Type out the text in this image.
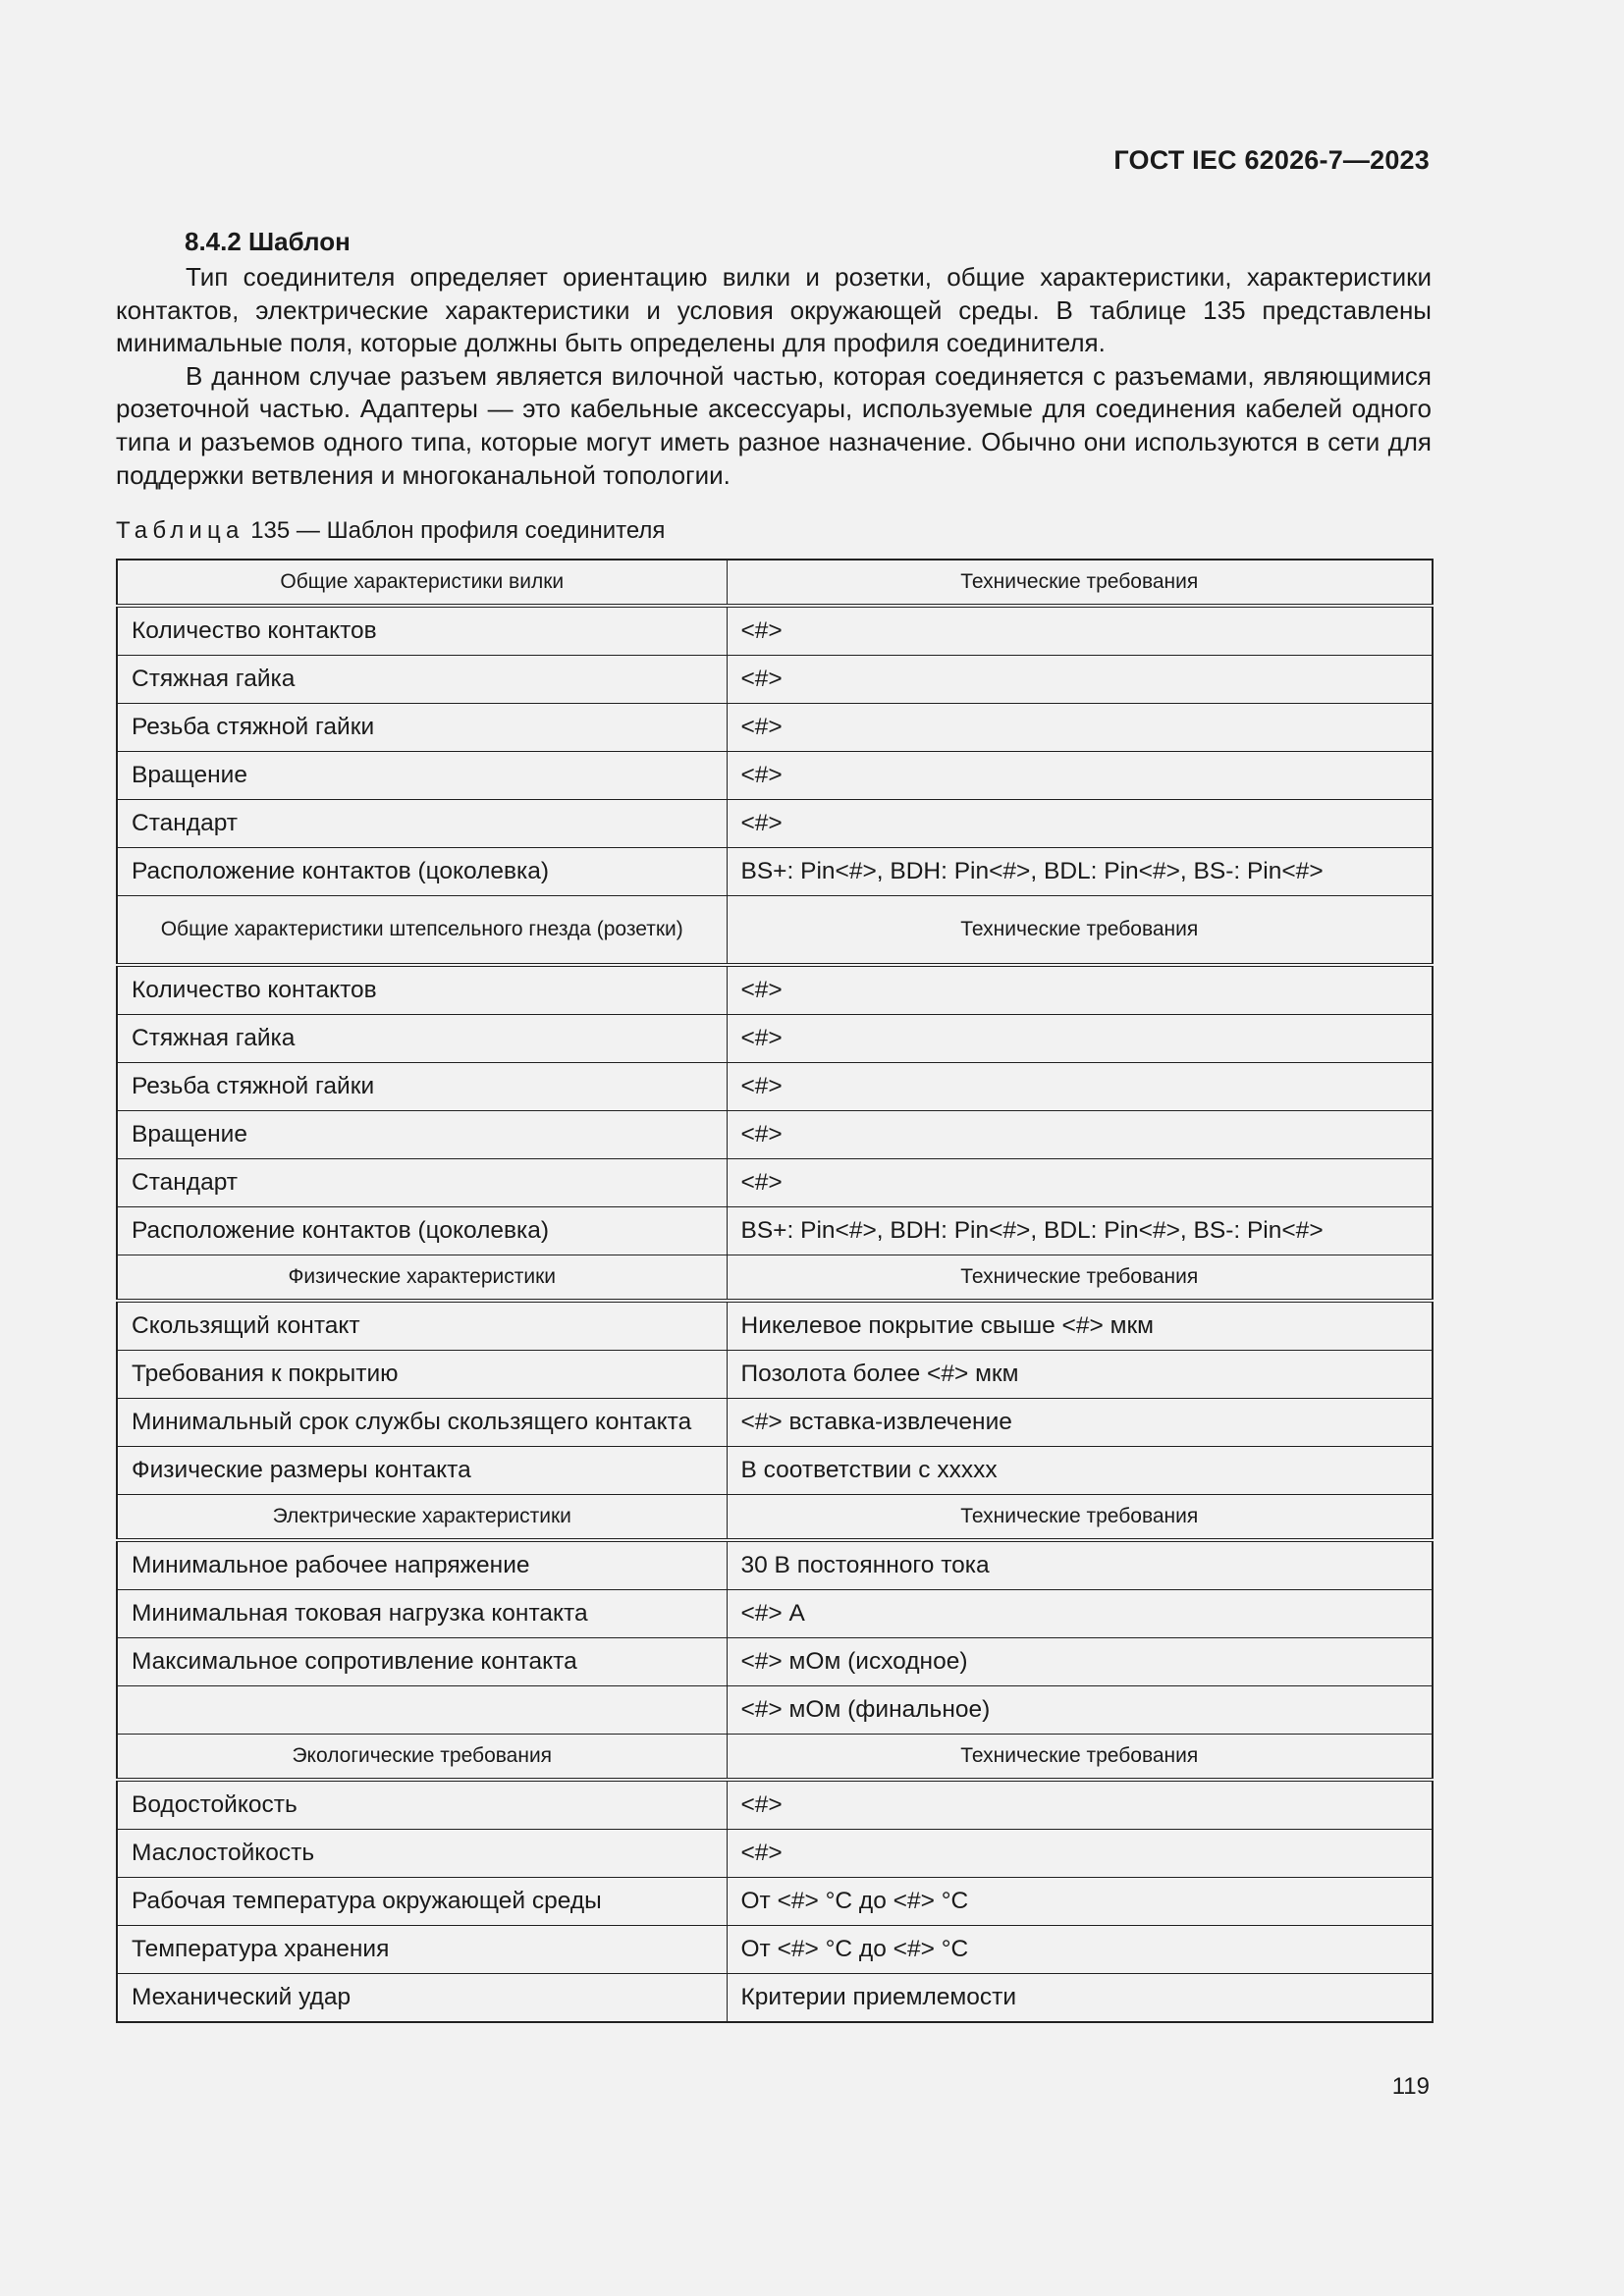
ГОСТ IEC 62026-7—2023
8.4.2 Шаблон

Тип соединителя определяет ориентацию вилки и розетки, общие характеристики, характеристики контактов, электрические характеристики и условия окружающей среды. В таблице 135 представлены минимальные поля, которые должны быть определены для профиля соединителя.

В данном случае разъем является вилочной частью, которая соединяется с разъемами, являющимися розеточной частью. Адаптеры — это кабельные аксессуары, используемые для соединения кабелей одного типа и разъемов одного типа, которые могут иметь разное назначение. Обычно они используются в сети для поддержки ветвления и многоканальной топологии.

Таблица 135 — Шаблон профиля соединителя
Общие характеристики вилки	Технические требования
Количество контактов	<#>
Стяжная гайка	<#>
Резьба стяжной гайки	<#>
Вращение	<#>
Стандарт	<#>
Расположение контактов (цоколевка)	BS+: Pin<#>, BDH: Pin<#>, BDL: Pin<#>, BS-: Pin<#>
Общие характеристики штепсельного гнезда (розетки)	Технические требования
Количество контактов	<#>
Стяжная гайка	<#>
Резьба стяжной гайки	<#>
Вращение	<#>
Стандарт	<#>
Расположение контактов (цоколевка)	BS+: Pin<#>, BDH: Pin<#>, BDL: Pin<#>, BS-: Pin<#>
Физические характеристики	Технические требования
Скользящий контакт	Никелевое покрытие свыше <#> мкм
Требования к покрытию	Позолота более <#> мкм
Минимальный срок службы скользящего контакта	<#> вставка-извлечение
Физические размеры контакта	В соответствии с xxxxx
Электрические характеристики	Технические требования
Минимальное рабочее напряжение	30 В постоянного тока
Минимальная токовая нагрузка контакта	<#> А
Максимальное сопротивление контакта	<#> мОм (исходное)
	<#> мОм (финальное)
Экологические требования	Технические требования
Водостойкость	<#>
Маслостойкость	<#>
Рабочая температура окружающей среды	От <#> °С до <#> °С
Температура хранения	От <#> °С до <#> °С
Механический удар	Критерии приемлемости
119
